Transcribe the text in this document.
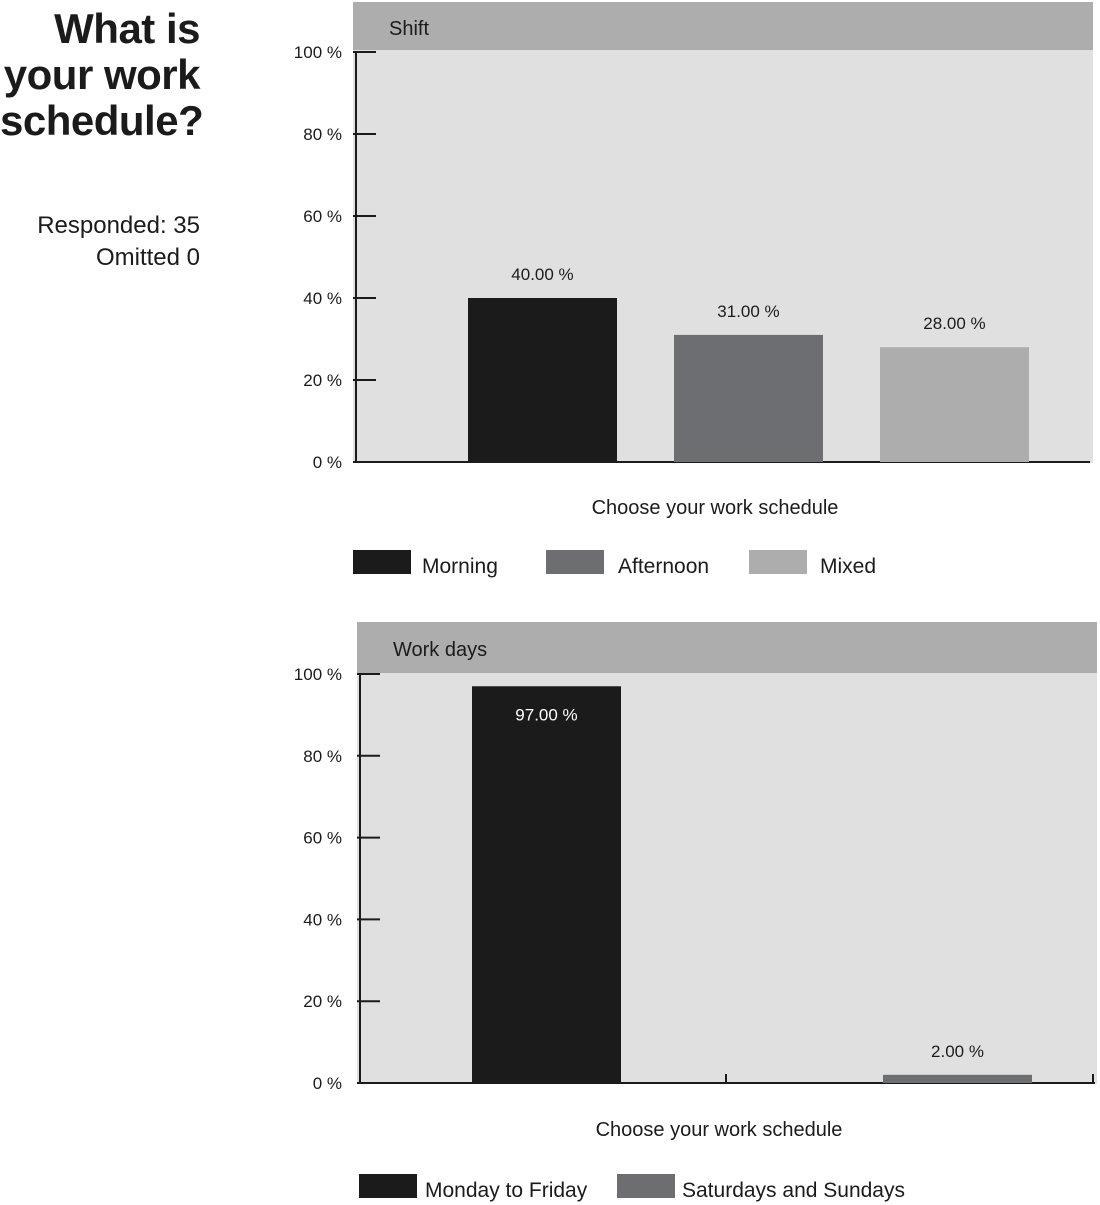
What is
your work
schedule?
Responded: 35
Omitted 0
Shift
0 %
20 %
40 %
60 %
80 %
100 %
40.00 %
31.00 %
28.00 %
Choose your work schedule
Morning	Afternoon	Mixed
Work days
0 %
20 %
40 %
60 %
80 %
100 %
97.00 %
2.00 %
Choose your work schedule
Monday to Friday	Saturdays and Sundays
